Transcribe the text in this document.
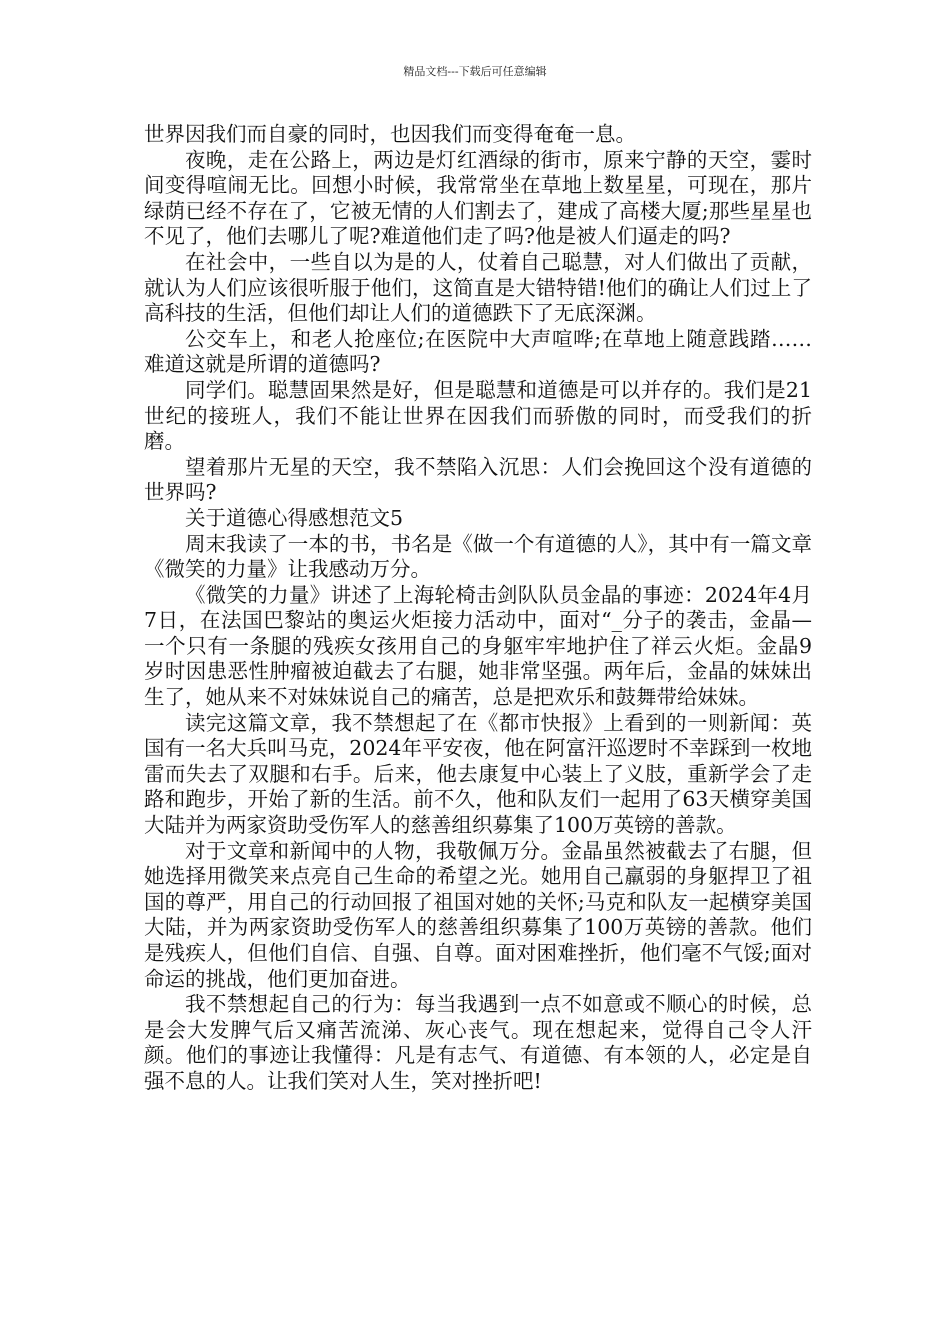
精品文档---下载后可任意编辑

世界因我们而自豪的同时，也因我们而变得奄奄一息。

夜晚，走在公路上，两边是灯红酒绿的街市，原来宁静的天空，霎时间变得喧闹无比。回想小时候，我常常坐在草地上数星星，可现在，那片绿荫已经不存在了，它被无情的人们割去了，建成了高楼大厦;那些星星也不见了，他们去哪儿了呢?难道他们走了吗?他是被人们逼走的吗?

在社会中，一些自以为是的人，仗着自己聪慧，对人们做出了贡献，就认为人们应该很听服于他们，这简直是大错特错!他们的确让人们过上了高科技的生活，但他们却让人们的道德跌下了无底深渊。

公交车上，和老人抢座位;在医院中大声喧哗;在草地上随意践踏……难道这就是所谓的道德吗?

同学们。聪慧固果然是好，但是聪慧和道德是可以并存的。我们是21世纪的接班人，我们不能让世界在因我们而骄傲的同时，而受我们的折磨。

望着那片无星的天空，我不禁陷入沉思：人们会挽回这个没有道德的世界吗?

关于道德心得感想范文5

周末我读了一本的书，书名是《做一个有道德的人》，其中有一篇文章《微笑的力量》让我感动万分。

《微笑的力量》讲述了上海轮椅击剑队队员金晶的事迹：2024年4月7日，在法国巴黎站的奥运火炬接力活动中，面对“_分子的袭击，金晶—一个只有一条腿的残疾女孩用自己的身躯牢牢地护住了祥云火炬。金晶9岁时因患恶性肿瘤被迫截去了右腿，她非常坚强。两年后，金晶的妹妹出生了，她从来不对妹妹说自己的痛苦，总是把欢乐和鼓舞带给妹妹。

读完这篇文章，我不禁想起了在《都市快报》上看到的一则新闻：英国有一名大兵叫马克，2024年平安夜，他在阿富汗巡逻时不幸踩到一枚地雷而失去了双腿和右手。后来，他去康复中心装上了义肢，重新学会了走路和跑步，开始了新的生活。前不久，他和队友们一起用了63天横穿美国大陆并为两家资助受伤军人的慈善组织募集了100万英镑的善款。

对于文章和新闻中的人物，我敬佩万分。金晶虽然被截去了右腿，但她选择用微笑来点亮自己生命的希望之光。她用自己羸弱的身躯捍卫了祖国的尊严，用自己的行动回报了祖国对她的关怀;马克和队友一起横穿美国大陆，并为两家资助受伤军人的慈善组织募集了100万英镑的善款。他们是残疾人，但他们自信、自强、自尊。面对困难挫折，他们毫不气馁;面对命运的挑战，他们更加奋进。

我不禁想起自己的行为：每当我遇到一点不如意或不顺心的时候，总是会大发脾气后又痛苦流涕、灰心丧气。现在想起来，觉得自己令人汗颜。他们的事迹让我懂得：凡是有志气、有道德、有本领的人，必定是自强不息的人。让我们笑对人生，笑对挫折吧!
